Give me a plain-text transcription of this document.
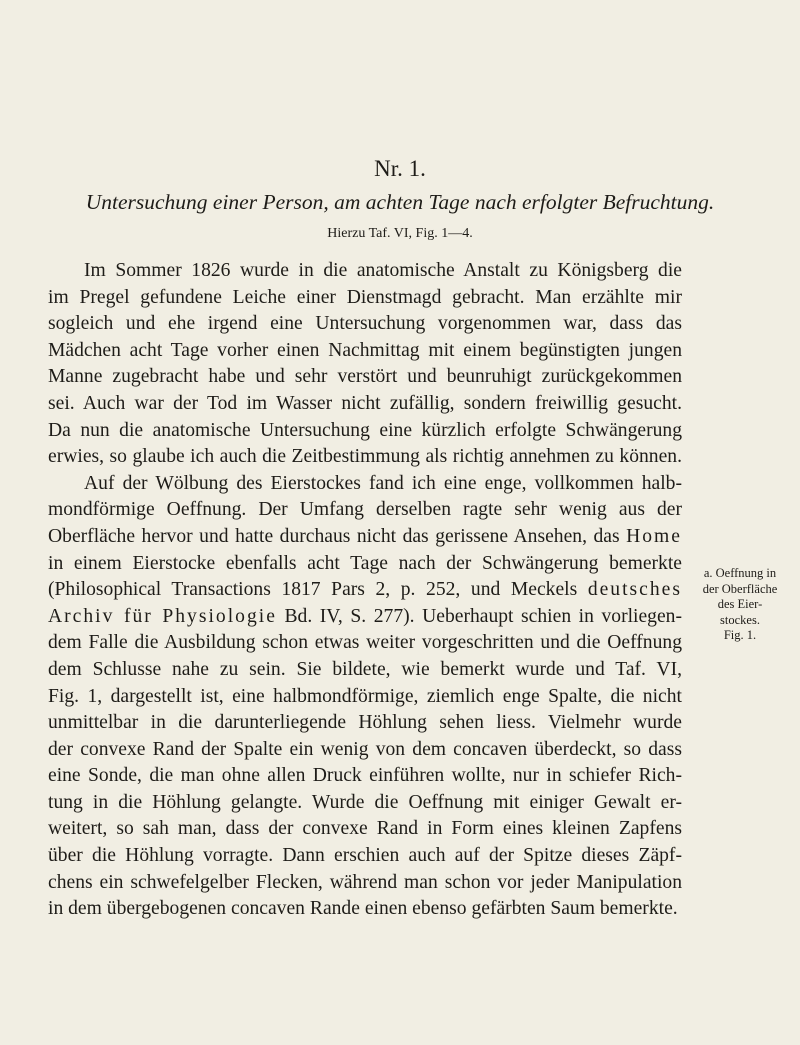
Nr. 1.
Untersuchung einer Person, am achten Tage nach erfolgter Befruchtung.
Hierzu Taf. VI, Fig. 1—4.
Im Sommer 1826 wurde in die anatomische Anstalt zu Königsberg die
im Pregel gefundene Leiche einer Dienstmagd gebracht. Man erzählte mir
sogleich und ehe irgend eine Untersuchung vorgenommen war, dass das
Mädchen acht Tage vorher einen Nachmittag mit einem begünstigten jungen
Manne zugebracht habe und sehr verstört und beunruhigt zurückgekommen
sei. Auch war der Tod im Wasser nicht zufällig, sondern freiwillig gesucht.
Da nun die anatomische Untersuchung eine kürzlich erfolgte Schwängerung
erwies, so glaube ich auch die Zeitbestimmung als richtig annehmen zu können.
Auf der Wölbung des Eierstockes fand ich eine enge, vollkommen halb-
mondförmige Oeffnung. Der Umfang derselben ragte sehr wenig aus der
Oberfläche hervor und hatte durchaus nicht das gerissene Ansehen, das Home
in einem Eierstocke ebenfalls acht Tage nach der Schwängerung bemerkte
(Philosophical Transactions 1817 Pars 2, p. 252, und Meckels deutsches
Archiv für Physiologie Bd. IV, S. 277). Ueberhaupt schien in vorliegen-
dem Falle die Ausbildung schon etwas weiter vorgeschritten und die Oeffnung
dem Schlusse nahe zu sein. Sie bildete, wie bemerkt wurde und Taf. VI,
Fig. 1, dargestellt ist, eine halbmondförmige, ziemlich enge Spalte, die nicht
unmittelbar in die darunterliegende Höhlung sehen liess. Vielmehr wurde
der convexe Rand der Spalte ein wenig von dem concaven überdeckt, so dass
eine Sonde, die man ohne allen Druck einführen wollte, nur in schiefer Rich-
tung in die Höhlung gelangte. Wurde die Oeffnung mit einiger Gewalt er-
weitert, so sah man, dass der convexe Rand in Form eines kleinen Zapfens
über die Höhlung vorragte. Dann erschien auch auf der Spitze dieses Zäpf-
chens ein schwefelgelber Flecken, während man schon vor jeder Manipulation
in dem übergebogenen concaven Rande einen ebenso gefärbten Saum bemerkte.
a. Oeffnung in
der Oberfläche
des Eier-
stockes.
Fig. 1.
